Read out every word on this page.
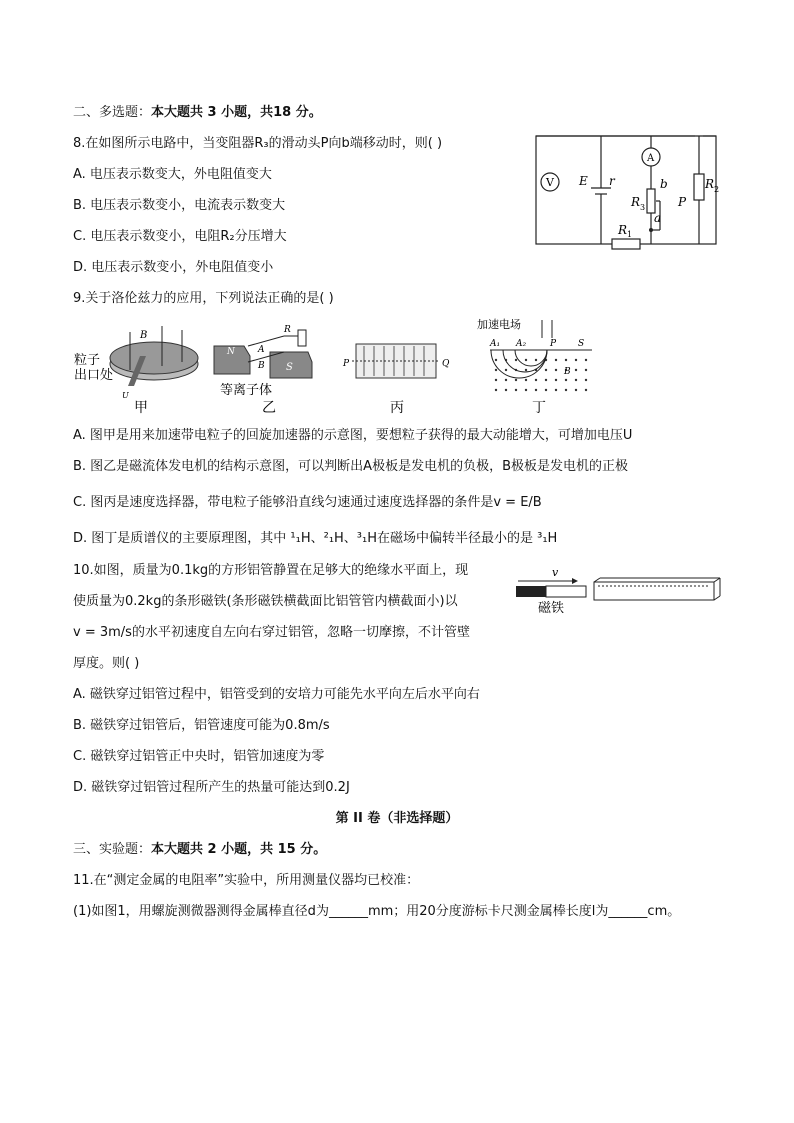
二、多选题：本大题共 3 小题，共18 分。
8.在如图所示电路中，当变阻器R₃的滑动头P向b端移动时，则( )
A. 电压表示数变大，外电阻值变大
B. 电压表示数变小，电流表示数变大
C. 电压表示数变小，电阻R₂分压增大
D. 电压表示数变小，外电阻值变小
V
A
E r	b
R 3	P
a
R 2
R 1
9.关于洛伦兹力的应用，下列说法正确的是( )
B
U
粒子
出口处
甲
N
S
A
B
R
等离子体
乙
P	Q
丙
加速电场
A₁ A₂	P S
B
丁
A. 图甲是用来加速带电粒子的回旋加速器的示意图，要想粒子获得的最大动能增大，可增加电压U
B. 图乙是磁流体发电机的结构示意图，可以判断出A极板是发电机的负极，B极板是发电机的正极
C. 图丙是速度选择器，带电粒子能够沿直线匀速通过速度选择器的条件是v = E/B
D. 图丁是质谱仪的主要原理图，其中 ¹₁H、²₁H、³₁H在磁场中偏转半径最小的是 ³₁H
10.如图，质量为0.1kg的方形铝管静置在足够大的绝缘水平面上，现
使质量为0.2kg的条形磁铁(条形磁铁横截面比铝管管内横截面小)以
v = 3m/s的水平初速度自左向右穿过铝管，忽略一切摩擦，不计管壁
厚度。则( )
v
磁铁
A. 磁铁穿过铝管过程中，铝管受到的安培力可能先水平向左后水平向右
B. 磁铁穿过铝管后，铝管速度可能为0.8m/s
C. 磁铁穿过铝管正中央时，铝管加速度为零
D. 磁铁穿过铝管过程所产生的热量可能达到0.2J
第 II 卷（非选择题）
三、实验题：本大题共 2 小题，共 15 分。
11.在“测定金属的电阻率”实验中，所用测量仪器均已校准：
(1)如图1，用螺旋测微器测得金属棒直径d为______mm；用20分度游标卡尺测金属棒长度l为______cm。
